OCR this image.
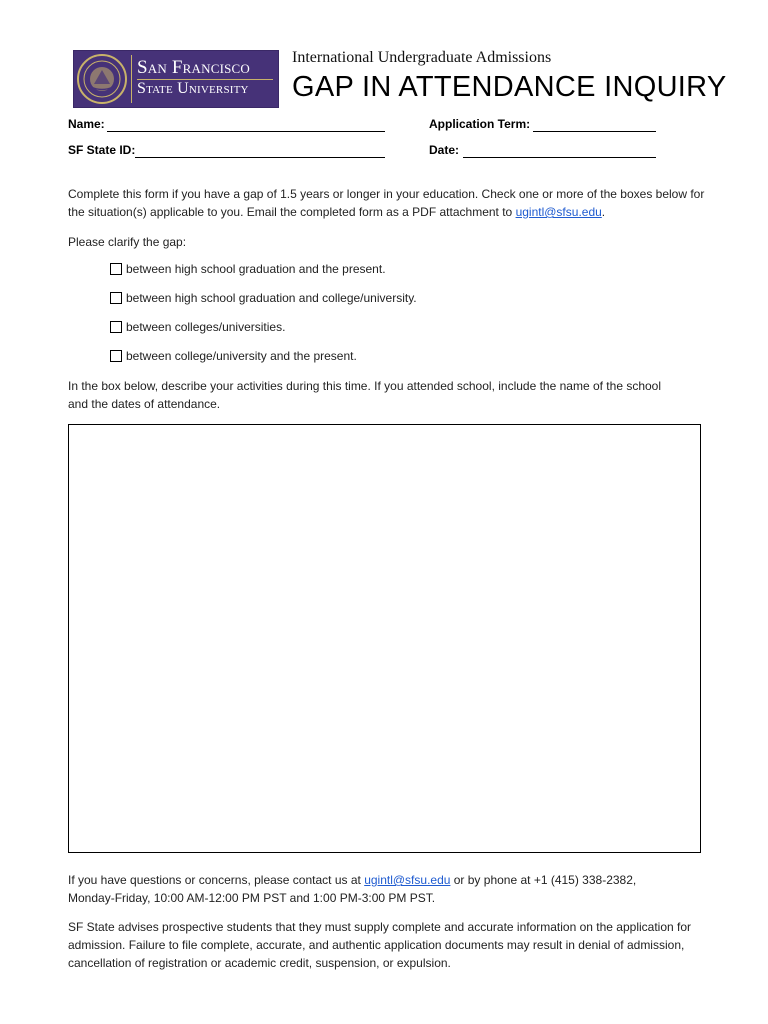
San Francisco
State University
International Undergraduate Admissions
GAP IN ATTENDANCE INQUIRY
Name:	Application Term:
SF State ID:	Date:

Complete this form if you have a gap of 1.5 years or longer in your education. Check one or more of the boxes below for the situation(s) applicable to you. Email the completed form as a PDF attachment to ugintl@sfsu.edu.

Please clarify the gap:
between high school graduation and the present.
between high school graduation and college/university.
between colleges/universities.
between college/university and the present.
In the box below, describe your activities during this time. If you attended school, include the name of the school and the dates of attendance.

If you have questions or concerns, please contact us at ugintl@sfsu.edu or by phone at +1 (415) 338-2382, Monday-Friday, 10:00 AM-12:00 PM PST and 1:00 PM-3:00 PM PST.

SF State advises prospective students that they must supply complete and accurate information on the application for admission. Failure to file complete, accurate, and authentic application documents may result in denial of admission, cancellation of registration or academic credit, suspension, or expulsion.
